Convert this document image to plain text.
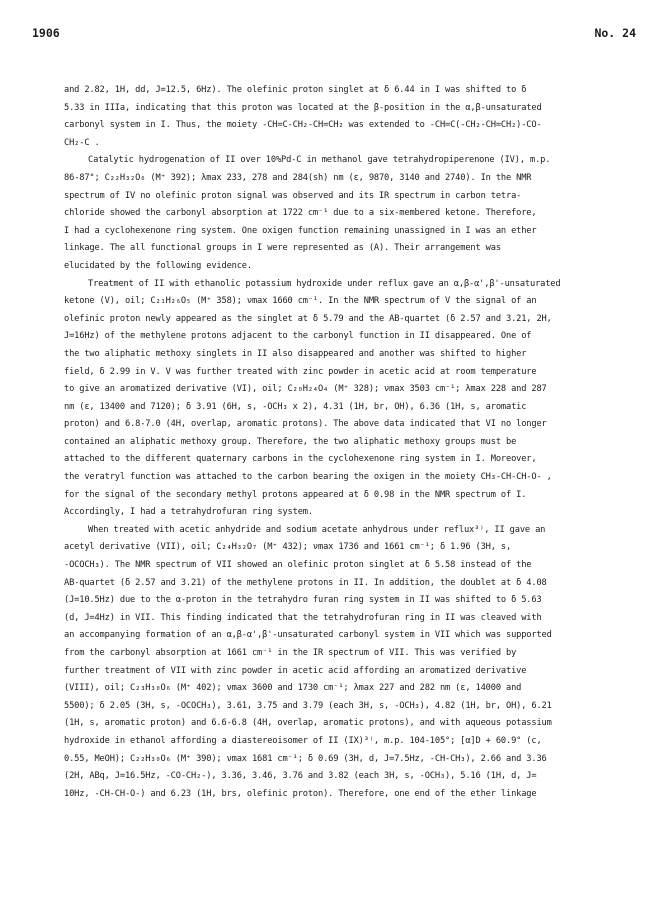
1906	No. 24
and 2.82, 1H, dd, J=12.5, 6Hz). The olefinic proton singlet at δ 6.44 in I was shifted to δ
5.33 in IIIa, indicating that this proton was located at the β-position in the α,β-unsaturated
carbonyl system in I. Thus, the moiety -CH=C-CH₂-CH=CH₂ was extended to -CH=C(-CH₂-CH=CH₂)-CO-
CH₂-C .
Catalytic hydrogenation of II over 10%Pd-C in methanol gave tetrahydropiperenone (IV), m.p.
86-87°; C₂₂H₃₂O₆ (M⁺ 392); λmax 233, 278 and 284(sh) nm (ε, 9870, 3140 and 2740). In the NMR
spectrum of IV no olefinic proton signal was observed and its IR spectrum in carbon tetra-
chloride showed the carbonyl absorption at 1722 cm⁻¹ due to a six-membered ketone. Therefore,
I had a cyclohexenone ring system. One oxigen function remaining unassigned in I was an ether
linkage. The all functional groups in I were represented as (A). Their arrangement was
elucidated by the following evidence.
Treatment of II with ethanolic potassium hydroxide under reflux gave an α,β-α',β'-unsaturated
ketone (V), oil; C₂₁H₂₆O₅ (M⁺ 358); νmax 1660 cm⁻¹. In the NMR spectrum of V the signal of an
olefinic proton newly appeared as the singlet at δ 5.79 and the AB-quartet (δ 2.57 and 3.21, 2H,
J=16Hz) of the methylene protons adjacent to the carbonyl function in II disappeared. One of
the two aliphatic methoxy singlets in II also disappeared and another was shifted to higher
field, δ 2.99 in V. V was further treated with zinc powder in acetic acid at room temperature
to give an aromatized derivative (VI), oil; C₂₀H₂₄O₄ (M⁺ 328); νmax 3503 cm⁻¹; λmax 228 and 287
nm (ε, 13400 and 7120); δ 3.91 (6H, s, -OCH₃ x 2), 4.31 (1H, br, OH), 6.36 (1H, s, aromatic
proton) and 6.8-7.0 (4H, overlap, aromatic protons). The above data indicated that VI no longer
contained an aliphatic methoxy group. Therefore, the two aliphatic methoxy groups must be
attached to the different quaternary carbons in the cyclohexenone ring system in I. Moreover,
the veratryl function was attached to the carbon bearing the oxigen in the moiety CH₃-CH-CH-O- ,
for the signal of the secondary methyl protons appeared at δ 0.98 in the NMR spectrum of I.
Accordingly, I had a tetrahydrofuran ring system.
When treated with acetic anhydride and sodium acetate anhydrous under reflux³⁾, II gave an
acetyl derivative (VII), oil; C₂₄H₃₂O₇ (M⁺ 432); νmax 1736 and 1661 cm⁻¹; δ 1.96 (3H, s,
-OCOCH₃). The NMR spectrum of VII showed an olefinic proton singlet at δ 5.58 instead of the
AB-quartet (δ 2.57 and 3.21) of the methylene protons in II. In addition, the doublet at δ 4.08
(J=10.5Hz) due to the α-proton in the tetrahydro furan ring system in II was shifted to δ 5.63
(d, J=4Hz) in VII. This finding indicated that the tetrahydrofuran ring in II was cleaved with
an accompanying formation of an α,β-α',β'-unsaturated carbonyl system in VII which was supported
from the carbonyl absorption at 1661 cm⁻¹ in the IR spectrum of VII. This was verified by
further treatment of VII with zinc powder in acetic acid affording an aromatized derivative
(VIII), oil; C₂₃H₃₀O₆ (M⁺ 402); νmax 3600 and 1730 cm⁻¹; λmax 227 and 282 nm (ε, 14000 and
5500); δ 2.05 (3H, s, -OCOCH₃), 3.61, 3.75 and 3.79 (each 3H, s, -OCH₃), 4.82 (1H, br, OH), 6.21
(1H, s, aromatic proton) and 6.6-6.8 (4H, overlap, aromatic protons), and with aqueous potassium
hydroxide in ethanol affording a diastereoisomer of II (IX)³⁾, m.p. 104-105°; [α]D + 60.9° (c,
0.55, MeOH); C₂₂H₃₀O₆ (M⁺ 390); νmax 1681 cm⁻¹; δ 0.69 (3H, d, J=7.5Hz, -CH-CH₃), 2.66 and 3.36
(2H, ABq, J=16.5Hz, -CO-CH₂-), 3.36, 3.46, 3.76 and 3.82 (each 3H, s, -OCH₃), 5.16 (1H, d, J=
10Hz, -CH-CH-O-) and 6.23 (1H, brs, olefinic proton). Therefore, one end of the ether linkage
